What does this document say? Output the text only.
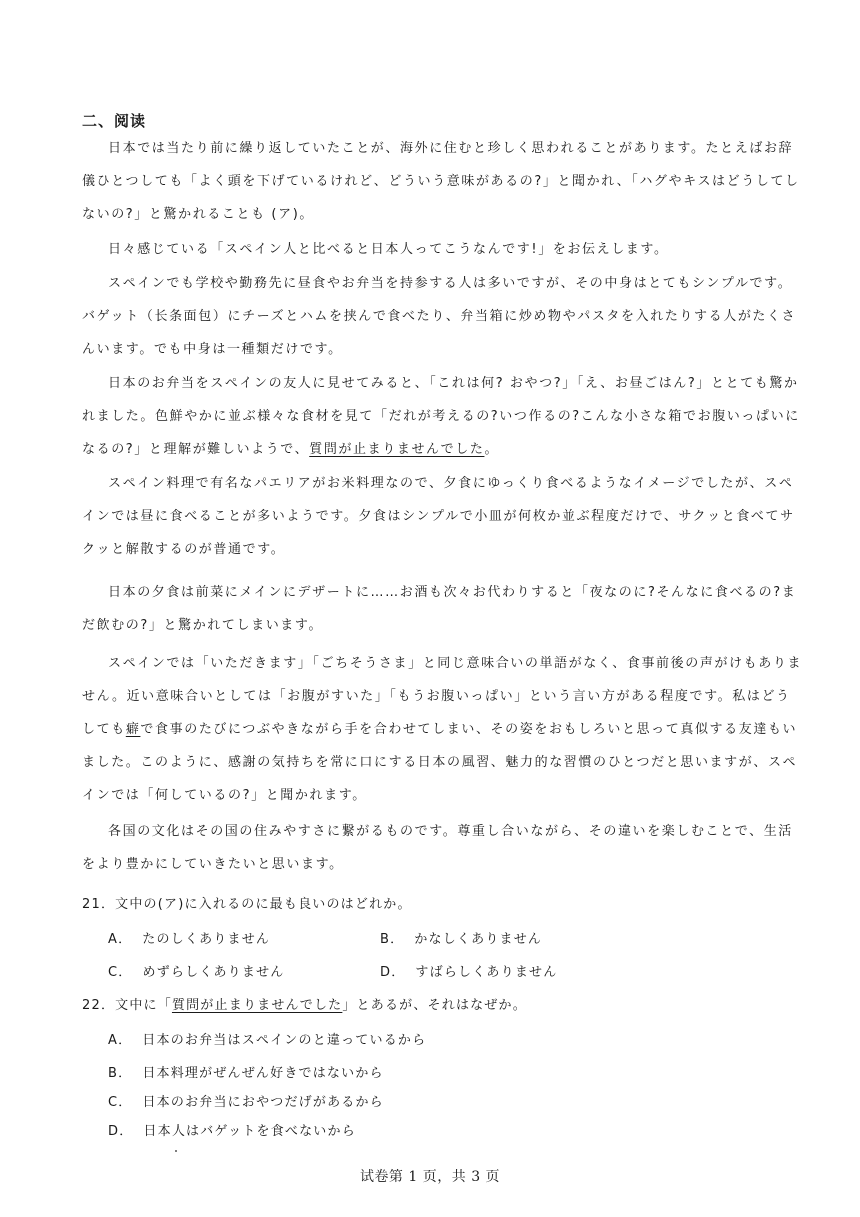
二、阅读

日本では当たり前に繰り返していたことが、海外に住むと珍しく思われることがあります。たとえばお辞儀ひとつしても「よく頭を下げているけれど、どういう意味があるの?」と聞かれ、「ハグやキスはどうしてしないの?」と驚かれることも (ア)。

日々感じている「スペイン人と比べると日本人ってこうなんです!」をお伝えします。

スペインでも学校や勤務先に昼食やお弁当を持参する人は多いですが、その中身はとてもシンプルです。バゲット（长条面包）にチーズとハムを挟んで食べたり、弁当箱に炒め物やパスタを入れたりする人がたくさんいます。でも中身は一種類だけです。

日本のお弁当をスペインの友人に見せてみると、「これは何? おやつ?」「え、お昼ごはん?」ととても驚かれました。色鮮やかに並ぶ様々な食材を見て「だれが考えるの?いつ作るの?こんな小さな箱でお腹いっぱいになるの?」と理解が難しいようで、質問が止まりませんでした。

スペイン料理で有名なパエリアがお米料理なので、夕食にゆっくり食べるようなイメージでしたが、スペインでは昼に食べることが多いようです。夕食はシンプルで小皿が何枚か並ぶ程度だけで、サクッと食べてサクッと解散するのが普通です。

日本の夕食は前菜にメインにデザートに……お酒も次々お代わりすると「夜なのに?そんなに食べるの?まだ飲むの?」と驚かれてしまいます。

スペインでは「いただきます」「ごちそうさま」と同じ意味合いの単語がなく、食事前後の声がけもありません。近い意味合いとしては「お腹がすいた」「もうお腹いっぱい」という言い方がある程度です。私はどうしても癖で食事のたびにつぶやきながら手を合わせてしまい、その姿をおもしろいと思って真似する友達もいました。このように、感謝の気持ちを常に口にする日本の風習、魅力的な習慣のひとつだと思いますが、スペインでは「何しているの?」と聞かれます。

各国の文化はその国の住みやすさに繋がるものです。尊重し合いながら、その違いを楽しむことで、生活をより豊かにしていきたいと思います。

21．文中の(ア)に入れるのに最も良いのはどれか。
A． たのしくありません	B． かなしくありません
C． めずらしくありません	D． すばらしくありません
22．文中に「質問が止まりませんでした」とあるが、それはなぜか。
A． 日本のお弁当はスペインのと違っているから
B． 日本料理がぜんぜん好きではないから
C． 日本のお弁当におやつだげがあるから
D． 日本人はバゲットを食べないから
试卷第 1 页，共 3 页
